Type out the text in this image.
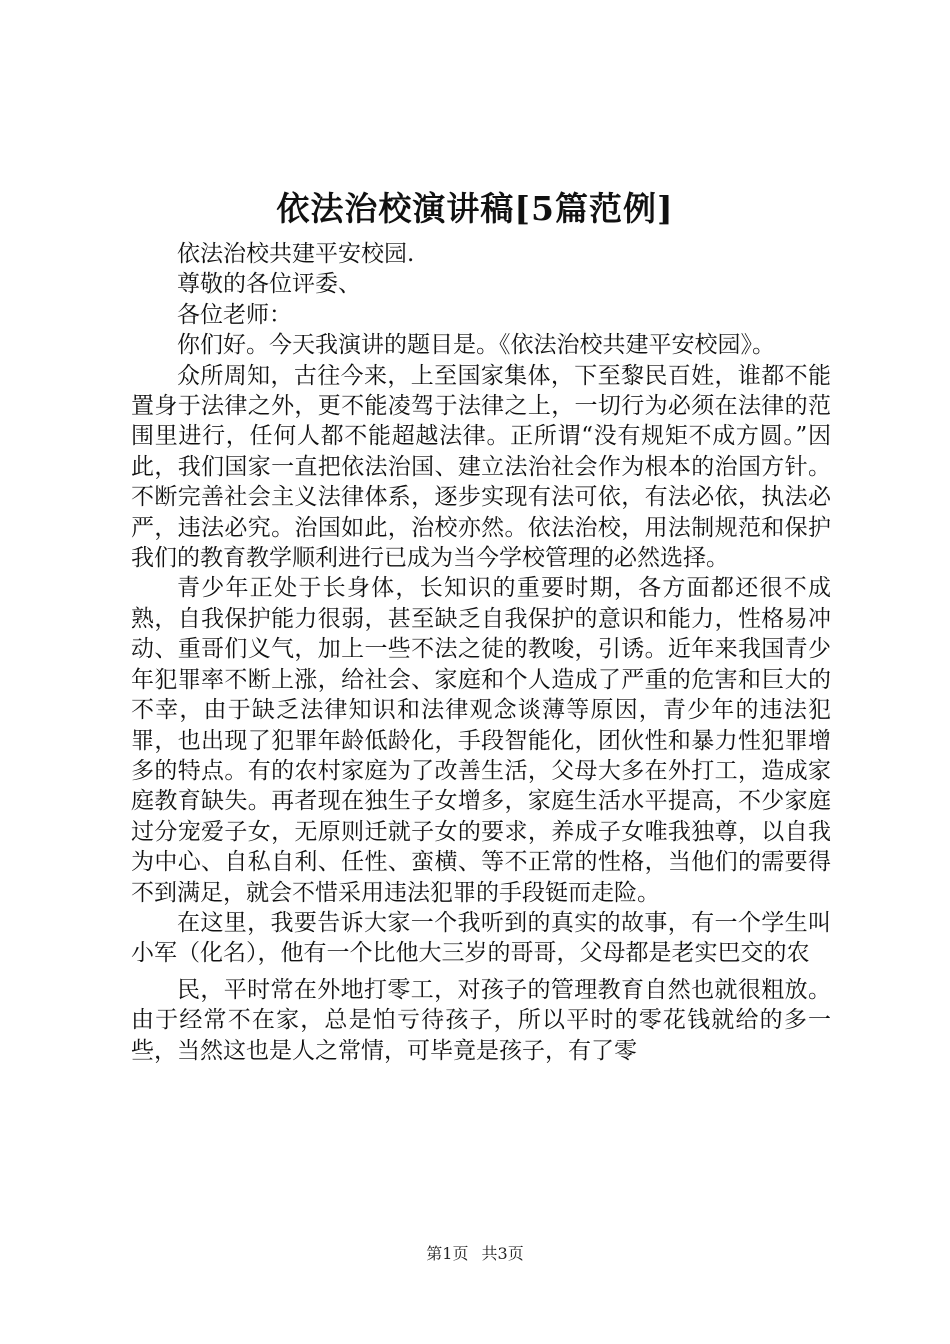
依法治校演讲稿[5篇范例]

依法治校共建平安校园.

尊敬的各位评委、

各位老师：

你们好。今天我演讲的题目是。《依法治校共建平安校园》。

众所周知，古往今来，上至国家集体，下至黎民百姓，谁都不能置身于法律之外，更不能凌驾于法律之上，一切行为必须在法律的范围里进行，任何人都不能超越法律。正所谓“没有规矩不成方圆。”因此，我们国家一直把依法治国、建立法治社会作为根本的治国方针。不断完善社会主义法律体系，逐步实现有法可依，有法必依，执法必严，违法必究。治国如此，治校亦然。依法治校，用法制规范和保护我们的教育教学顺利进行已成为当今学校管理的必然选择。

青少年正处于长身体，长知识的重要时期，各方面都还很不成熟，自我保护能力很弱，甚至缺乏自我保护的意识和能力，性格易冲动、重哥们义气，加上一些不法之徒的教唆，引诱。近年来我国青少年犯罪率不断上涨，给社会、家庭和个人造成了严重的危害和巨大的不幸，由于缺乏法律知识和法律观念谈薄等原因，青少年的违法犯罪，也出现了犯罪年龄低龄化，手段智能化，团伙性和暴力性犯罪增多的特点。有的农村家庭为了改善生活，父母大多在外打工，造成家庭教育缺失。再者现在独生子女增多，家庭生活水平提高，不少家庭过分宠爱子女，无原则迁就子女的要求，养成子女唯我独尊，以自我为中心、自私自利、任性、蛮横、等不正常的性格，当他们的需要得不到满足，就会不惜采用违法犯罪的手段铤而走险。

在这里，我要告诉大家一个我听到的真实的故事，有一个学生叫小军（化名），他有一个比他大三岁的哥哥，父母都是老实巴交的农

民，平时常在外地打零工，对孩子的管理教育自然也就很粗放。由于经常不在家，总是怕亏待孩子，所以平时的零花钱就给的多一些，当然这也是人之常情，可毕竟是孩子，有了零

第1页 共3页
